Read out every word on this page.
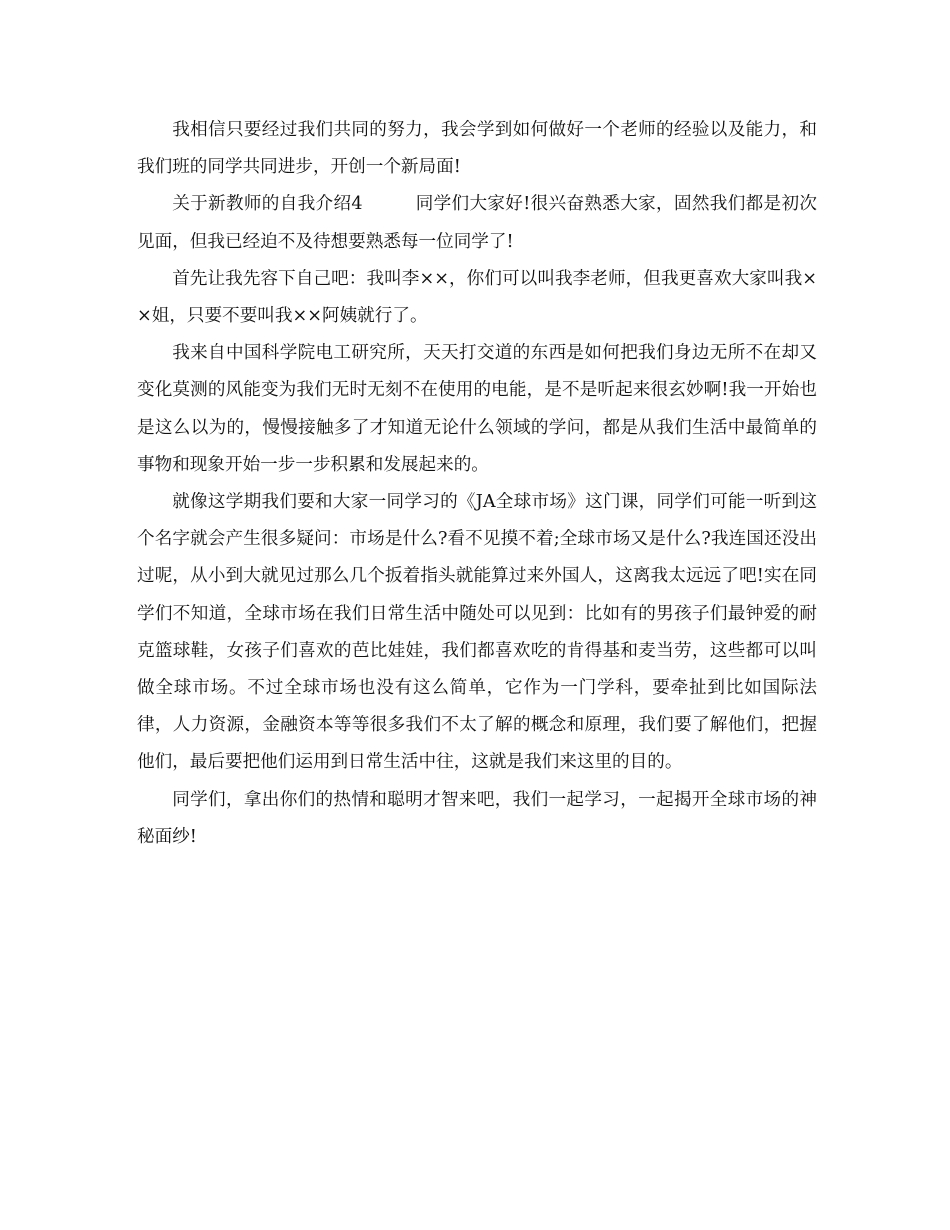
我相信只要经过我们共同的努力，我会学到如何做好一个老师的经验以及能力，和我们班的同学共同进步，开创一个新局面!

关于新教师的自我介绍4	同学们大家好!很兴奋熟悉大家，固然我们都是初次见面，但我已经迫不及待想要熟悉每一位同学了!

首先让我先容下自己吧：我叫李××，你们可以叫我李老师，但我更喜欢大家叫我××姐，只要不要叫我××阿姨就行了。

我来自中国科学院电工研究所，天天打交道的东西是如何把我们身边无所不在却又变化莫测的风能变为我们无时无刻不在使用的电能，是不是听起来很玄妙啊!我一开始也是这么以为的，慢慢接触多了才知道无论什么领域的学问，都是从我们生活中最简单的事物和现象开始一步一步积累和发展起来的。

就像这学期我们要和大家一同学习的《JA全球市场》这门课，同学们可能一听到这个名字就会产生很多疑问：市场是什么?看不见摸不着;全球市场又是什么?我连国还没出过呢，从小到大就见过那么几个扳着指头就能算过来外国人，这离我太远远了吧!实在同学们不知道，全球市场在我们日常生活中随处可以见到：比如有的男孩子们最钟爱的耐克篮球鞋，女孩子们喜欢的芭比娃娃，我们都喜欢吃的肯得基和麦当劳，这些都可以叫做全球市场。不过全球市场也没有这么简单，它作为一门学科，要牵扯到比如国际法律，人力资源，金融资本等等很多我们不太了解的概念和原理，我们要了解他们，把握他们，最后要把他们运用到日常生活中往，这就是我们来这里的目的。

同学们，拿出你们的热情和聪明才智来吧，我们一起学习，一起揭开全球市场的神秘面纱!
